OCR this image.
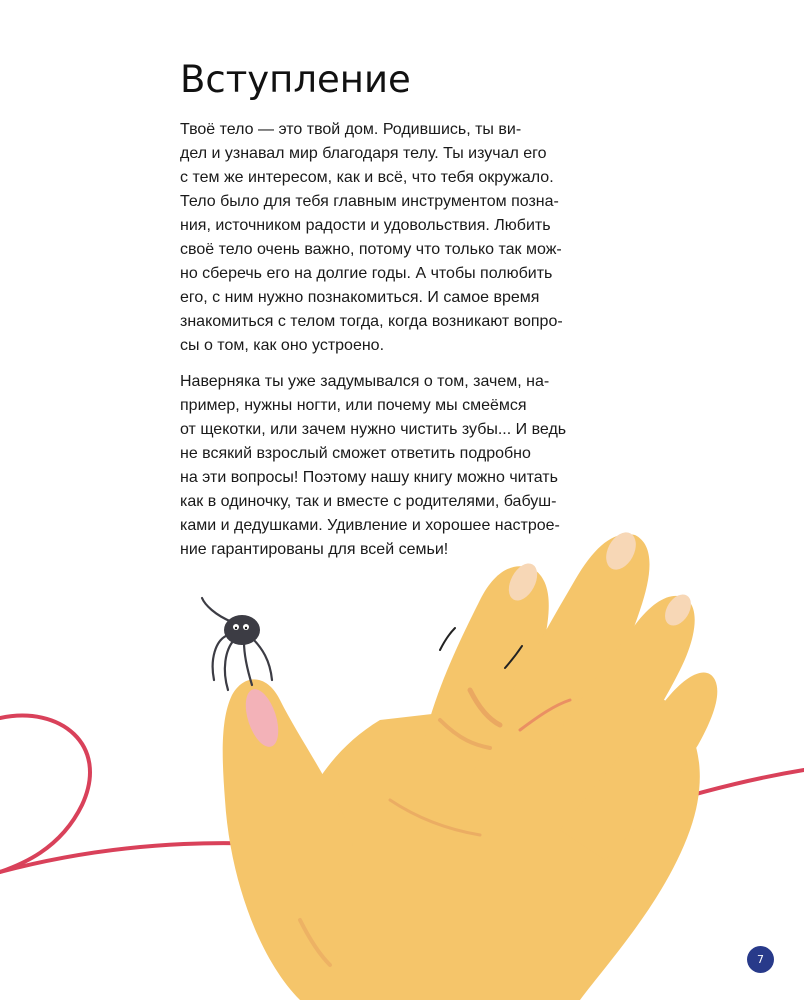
Вступление

Твоё тело — это твой дом. Родившись, ты ви-
дел и узнавал мир благодаря телу. Ты изучал его
с тем же интересом, как и всё, что тебя окружало.
Тело было для тебя главным инструментом позна-
ния, источником радости и удовольствия. Любить
своё тело очень важно, потому что только так мож-
но сберечь его на долгие годы. А чтобы полюбить
его, с ним нужно познакомиться. И самое время
знакомиться с телом тогда, когда возникают вопро-
сы о том, как оно устроено.

Наверняка ты уже задумывался о том, зачем, на-
пример, нужны ногти, или почему мы смеёмся
от щекотки, или зачем нужно чистить зубы... И ведь
не всякий взрослый сможет ответить подробно
на эти вопросы! Поэтому нашу книгу можно читать
как в одиночку, так и вместе с родителями, бабуш-
ками и дедушками. Удивление и хорошее настрое-
ние гарантированы для всей семьи!

7
